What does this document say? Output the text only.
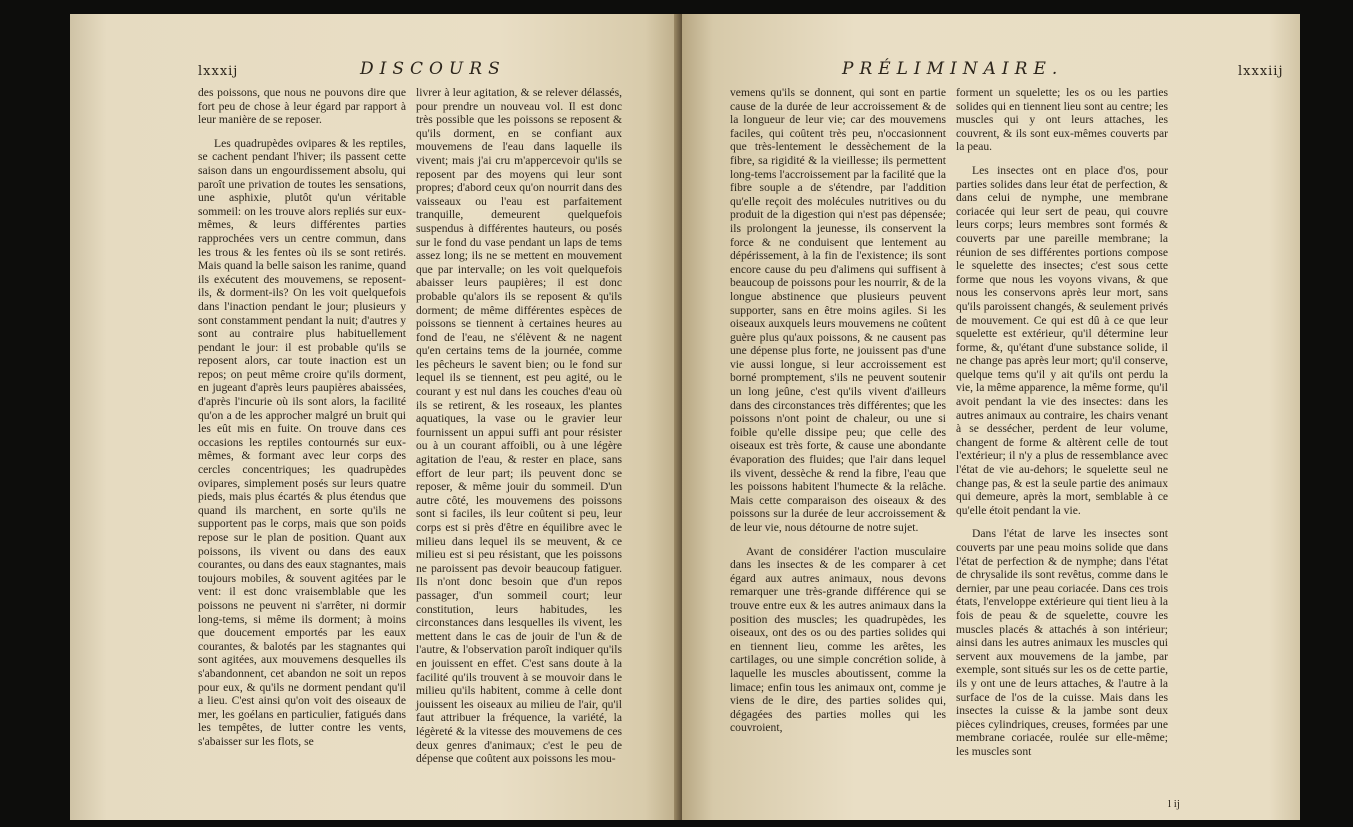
lxxxij	DISCOURS

des poissons, que nous ne pouvons dire que fort peu de chose à leur égard par rapport à leur manière de se reposer.

Les quadrupèdes ovipares & les reptiles, se cachent pendant l'hiver; ils passent cette saison dans un engourdissement absolu, qui paroît une privation de toutes les sensations, une asphixie, plutôt qu'un véritable sommeil: on les trouve alors repliés sur eux-mêmes, & leurs différentes parties rapprochées vers un centre commun, dans les trous & les fentes où ils se sont retirés. Mais quand la belle saison les ranime, quand ils exécutent des mouvemens, se reposent-ils, & dorment-ils? On les voit quelquefois dans l'inaction pendant le jour; plusieurs y sont constamment pendant la nuit; d'autres y sont au contraire plus habituellement pendant le jour: il est probable qu'ils se reposent alors, car toute inaction est un repos; on peut même croire qu'ils dorment, en jugeant d'après leurs paupières abaissées, d'après l'incurie où ils sont alors, la facilité qu'on a de les approcher malgré un bruit qui les eût mis en fuite. On trouve dans ces occasions les reptiles contournés sur eux-mêmes, & formant avec leur corps des cercles concentriques; les quadrupèdes ovipares, simplement posés sur leurs quatre pieds, mais plus écartés & plus étendus que quand ils marchent, en sorte qu'ils ne supportent pas le corps, mais que son poids repose sur le plan de position. Quant aux poissons, ils vivent ou dans des eaux courantes, ou dans des eaux stagnantes, mais toujours mobiles, & souvent agitées par le vent: il est donc vraisemblable que les poissons ne peuvent ni s'arrêter, ni dormir long-tems, si même ils dorment; à moins que doucement emportés par les eaux courantes, & balotés par les stagnantes qui sont agitées, aux mouvemens desquelles ils s'abandonnent, cet abandon ne soit un repos pour eux, & qu'ils ne dorment pendant qu'il a lieu. C'est ainsi qu'on voit des oiseaux de mer, les goélans en particulier, fatigués dans les tempêtes, de lutter contre les vents, s'abaisser sur les flots, se

livrer à leur agitation, & se relever délassés, pour prendre un nouveau vol. Il est donc très possible que les poissons se reposent & qu'ils dorment, en se confiant aux mouvemens de l'eau dans laquelle ils vivent; mais j'ai cru m'appercevoir qu'ils se reposent par des moyens qui leur sont propres; d'abord ceux qu'on nourrit dans des vaisseaux ou l'eau est parfaitement tranquille, demeurent quelquefois suspendus à différentes hauteurs, ou posés sur le fond du vase pendant un laps de tems assez long; ils ne se mettent en mouvement que par intervalle; on les voit quelquefois abaisser leurs paupières; il est donc probable qu'alors ils se reposent & qu'ils dorment; de même différentes espèces de poissons se tiennent à certaines heures au fond de l'eau, ne s'élèvent & ne nagent qu'en certains tems de la journée, comme les pêcheurs le savent bien; ou le fond sur lequel ils se tiennent, est peu agité, ou le courant y est nul dans les couches d'eau où ils se retirent, & les roseaux, les plantes aquatiques, la vase ou le gravier leur fournissent un appui suffi ant pour résister ou à un courant affoibli, ou à une légère agitation de l'eau, & rester en place, sans effort de leur part; ils peuvent donc se reposer, & même jouir du sommeil. D'un autre côté, les mouvemens des poissons sont si faciles, ils leur coûtent si peu, leur corps est si près d'être en équilibre avec le milieu dans lequel ils se meuvent, & ce milieu est si peu résistant, que les poissons ne paroissent pas devoir beaucoup fatiguer. Ils n'ont donc besoin que d'un repos passager, d'un sommeil court; leur constitution, leurs habitudes, les circonstances dans lesquelles ils vivent, les mettent dans le cas de jouir de l'un & de l'autre, & l'observation paroît indiquer qu'ils en jouissent en effet. C'est sans doute à la facilité qu'ils trouvent à se mouvoir dans le milieu qu'ils habitent, comme à celle dont jouissent les oiseaux au milieu de l'air, qu'il faut attribuer la fréquence, la variété, la légèreté & la vitesse des mouvemens de ces deux genres d'animaux; c'est le peu de dépense que coûtent aux poissons les mou-

PRÉLIMINAIRE.	lxxxiij

vemens qu'ils se donnent, qui sont en partie cause de la durée de leur accroissement & de la longueur de leur vie; car des mouvemens faciles, qui coûtent très peu, n'occasionnent que très-lentement le dessèchement de la fibre, sa rigidité & la vieillesse; ils permettent long-tems l'accroissement par la facilité que la fibre souple a de s'étendre, par l'addition qu'elle reçoit des molécules nutritives ou du produit de la digestion qui n'est pas dépensée; ils prolongent la jeunesse, ils conservent la force & ne conduisent que lentement au dépérissement, à la fin de l'existence; ils sont encore cause du peu d'alimens qui suffisent à beaucoup de poissons pour les nourrir, & de la longue abstinence que plusieurs peuvent supporter, sans en être moins agiles. Si les oiseaux auxquels leurs mouvemens ne coûtent guère plus qu'aux poissons, & ne causent pas une dépense plus forte, ne jouissent pas d'une vie aussi longue, si leur accroissement est borné promptement, s'ils ne peuvent soutenir un long jeûne, c'est qu'ils vivent d'ailleurs dans des circonstances très différentes; que les poissons n'ont point de chaleur, ou une si foible qu'elle dissipe peu; que celle des oiseaux est très forte, & cause une abondante évaporation des fluides; que l'air dans lequel ils vivent, dessèche & rend la fibre, l'eau que les poissons habitent l'humecte & la relâche. Mais cette comparaison des oiseaux & des poissons sur la durée de leur accroissement & de leur vie, nous détourne de notre sujet.

Avant de considérer l'action musculaire dans les insectes & de les comparer à cet égard aux autres animaux, nous devons remarquer une très-grande différence qui se trouve entre eux & les autres animaux dans la position des muscles; les quadrupèdes, les oiseaux, ont des os ou des parties solides qui en tiennent lieu, comme les arêtes, les cartilages, ou une simple concrétion solide, à laquelle les muscles aboutissent, comme la limace; enfin tous les animaux ont, comme je viens de le dire, des parties solides qui, dégagées des parties molles qui les couvroient,

forment un squelette; les os ou les parties solides qui en tiennent lieu sont au centre; les muscles qui y ont leurs attaches, les couvrent, & ils sont eux-mêmes couverts par la peau.

Les insectes ont en place d'os, pour parties solides dans leur état de perfection, & dans celui de nymphe, une membrane coriacée qui leur sert de peau, qui couvre leurs corps; leurs membres sont formés & couverts par une pareille membrane; la réunion de ses différentes portions compose le squelette des insectes; c'est sous cette forme que nous les voyons vivans, & que nous les conservons après leur mort, sans qu'ils paroissent changés, & seulement privés de mouvement. Ce qui est dû à ce que leur squelette est extérieur, qu'il détermine leur forme, &, qu'étant d'une substance solide, il ne change pas après leur mort; qu'il conserve, quelque tems qu'il y ait qu'ils ont perdu la vie, la même apparence, la même forme, qu'il avoit pendant la vie des insectes: dans les autres animaux au contraire, les chairs venant à se dessécher, perdent de leur volume, changent de forme & altèrent celle de tout l'extérieur; il n'y a plus de ressemblance avec l'état de vie au-dehors; le squelette seul ne change pas, & est la seule partie des animaux qui demeure, après la mort, semblable à ce qu'elle étoit pendant la vie.

Dans l'état de larve les insectes sont couverts par une peau moins solide que dans l'état de perfection & de nymphe; dans l'état de chrysalide ils sont revêtus, comme dans le dernier, par une peau coriacée. Dans ces trois états, l'enveloppe extérieure qui tient lieu à la fois de peau & de squelette, couvre les muscles placés & attachés à son intérieur; ainsi dans les autres animaux les muscles qui servent aux mouvemens de la jambe, par exemple, sont situés sur les os de cette partie, ils y ont une de leurs attaches, & l'autre à la surface de l'os de la cuisse. Mais dans les insectes la cuisse & la jambe sont deux pièces cylindriques, creuses, formées par une membrane coriacée, roulée sur elle-même; les muscles sont

l ij
